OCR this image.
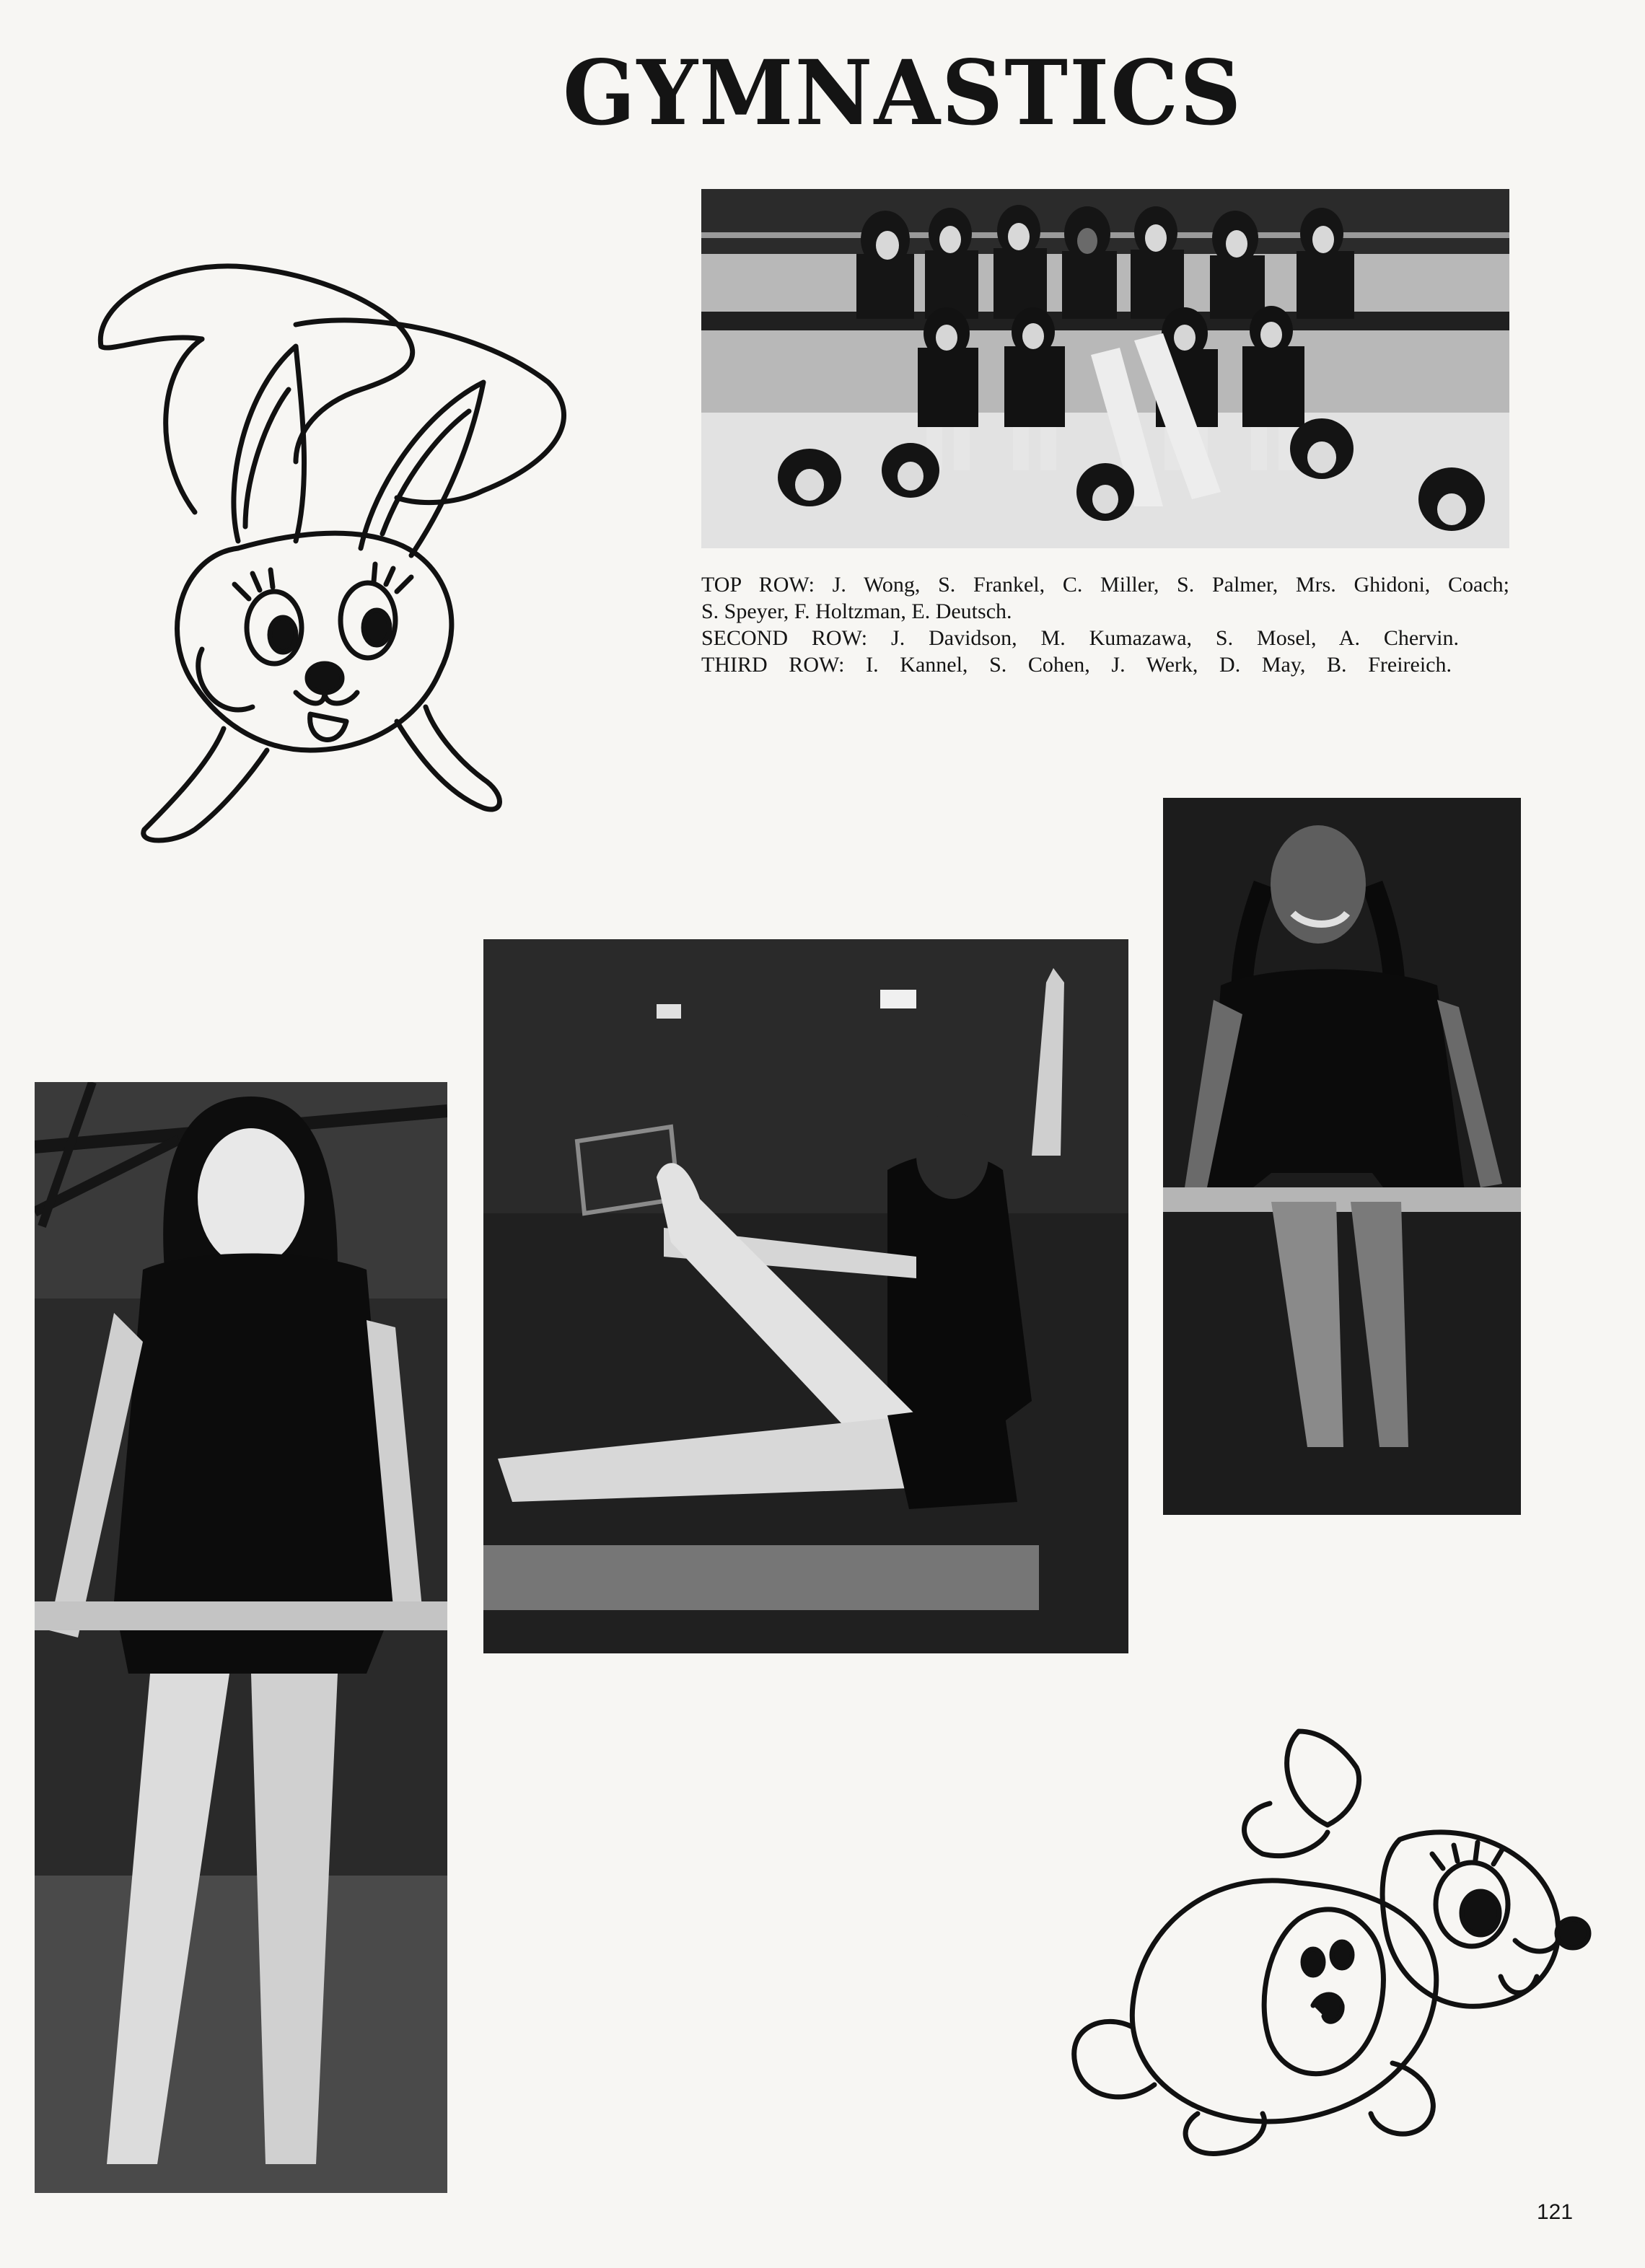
GYMNASTICS
TOP ROW: J. Wong, S. Frankel, C. Miller, S. Palmer, Mrs. Ghidoni, Coach;
S. Speyer, F. Holtzman, E. Deutsch.
SECOND ROW: J. Davidson, M. Kumazawa, S. Mosel, A. Chervin.
THIRD ROW: I. Kannel, S. Cohen, J. Werk, D. May, B. Freireich.
121
